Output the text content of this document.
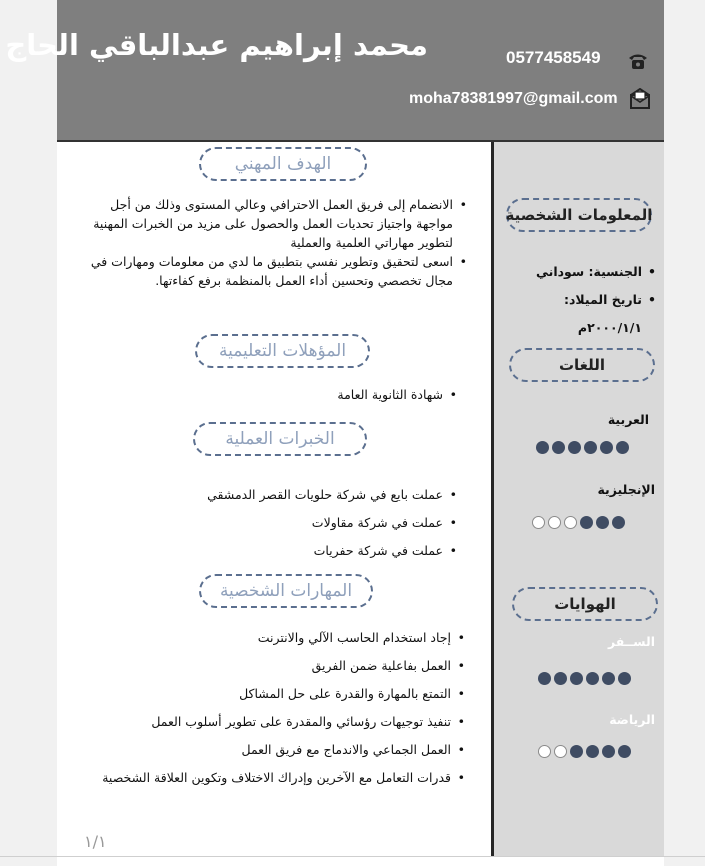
محمد إبراهيم عبدالباقي الحاج	0577458549
moha78381997@gmail.com
الهدف المهني
• الانضمام إلى فريق العمل الاحترافي وعالي المستوى وذلك من أجل مواجهة واجتياز تحديات العمل والحصول على مزيد من الخبرات المهنية لتطوير مهاراتي العلمية والعملية
• اسعى لتحقيق وتطوير نفسي بتطبيق ما لدي من معلومات ومهارات في مجال تخصصي وتحسين أداء العمل بالمنظمة برفع كفاءتها.
المؤهلات التعليمية
• شهادة الثانوية العامة
الخبرات العملية
• عملت بايع في شركة حلويات القصر الدمشقي
• عملت في شركة مقاولات
• عملت في شركة حفريات
المهارات الشخصية
• إجاد استخدام الحاسب الآلي والانترنت
• العمل بفاعلية ضمن الفريق
• التمتع بالمهارة والقدرة على حل المشاكل
• تنفيذ توجيهات رؤسائي والمقدرة على تطوير أسلوب العمل
• العمل الجماعي والاندماج مع فريق العمل
• قدرات التعامل مع الآخرين وإدراك الاختلاف وتكوين العلاقة الشخصية
المعلومات الشخصية
• الجنسية: سوداني
• تاريخ الميلاد: ٢٠٠٠/١/١م
اللغات
العربية
الإنجليزية
الهوايات
الســفر
الرياضة
١/١
